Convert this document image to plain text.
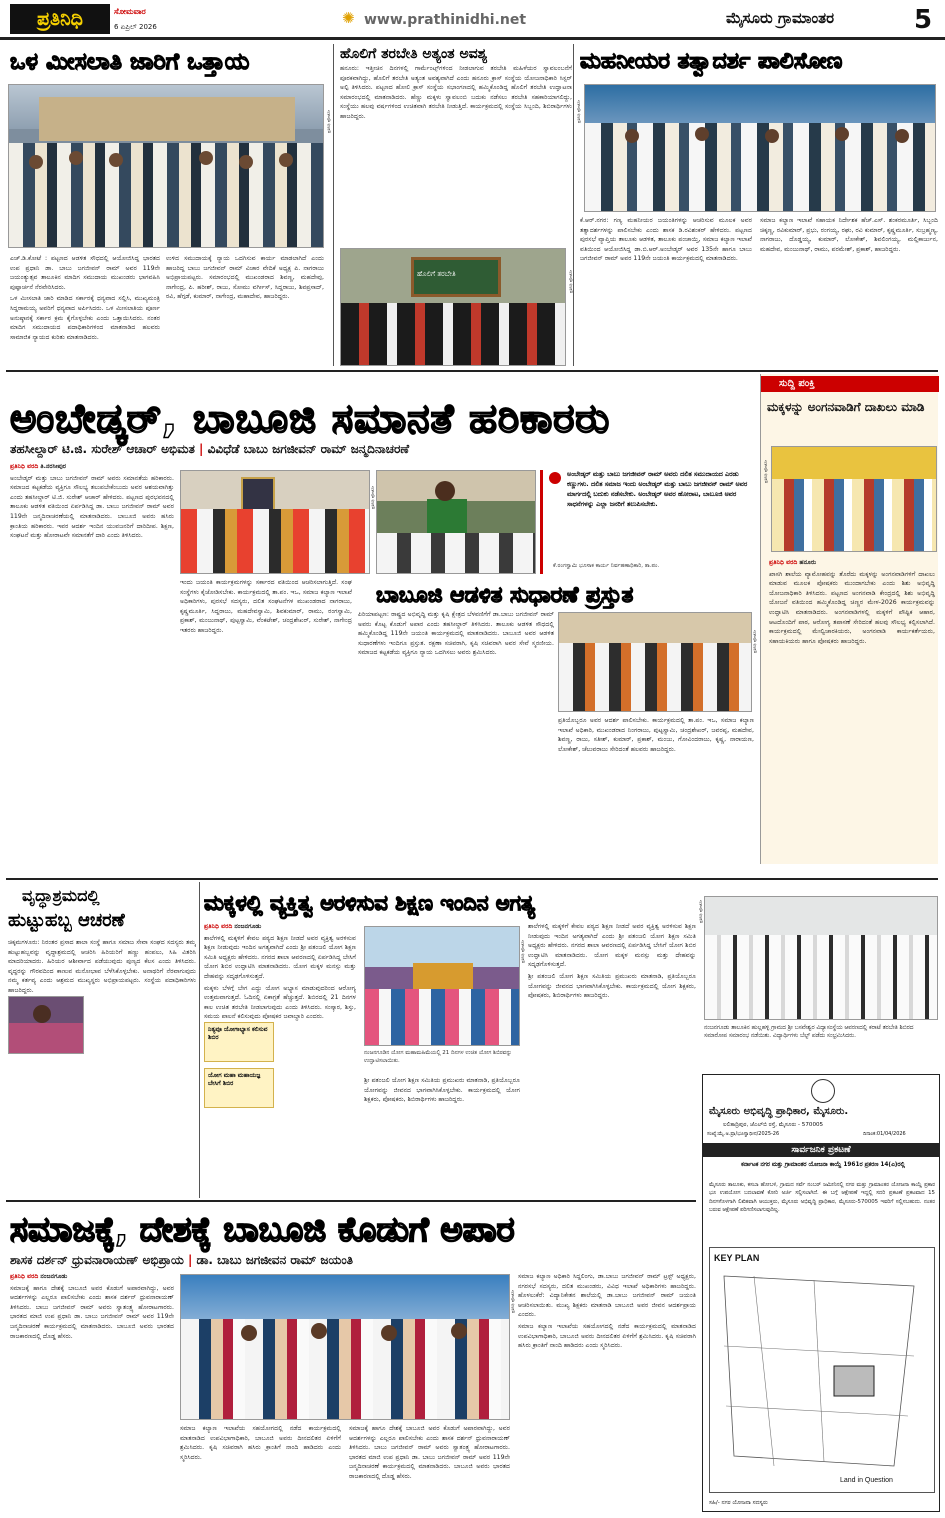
ಪ್ರತಿನಿಧಿ	ಸೋಮವಾರ
6 ಏಪ್ರಿಲ್ 2026	✺ www.prathinidhi.net	ಮೈಸೂರು ಗ್ರಾಮಾಂತರ	5
ಒಳ ಮೀಸಲಾತಿ ಜಾರಿಗೆ ಒತ್ತಾಯ
ಪ್ರತಿನಿಧಿ ಫೋಟೋ

ಎಚ್.ಡಿ.ಕೋಟೆ : ಪಟ್ಟಣದ ಆಡಳಿತ ಸೌಧದಲ್ಲಿ ಆಯೋಜಿಸಿದ್ದ ಭಾರತದ ಉಪ ಪ್ರಧಾನಿ ಡಾ. ಬಾಬು ಜಗಜೀವನ್ ರಾಮ್ ಅವರ 119ನೇ ಜಯಂತ್ಯುತ್ಸವ ತಾಲೂಕಿನ ಮಾದಿಗ ಸಮುದಾಯ ಮುಖಂಡರು ಭಾಗವಹಿಸಿ ಪುಷ್ಪಾರ್ಚನೆ ನೆರವೇರಿಸಿದರು.

ಒಳ ಮೀಸಲಾತಿ ಜಾರಿ ಮಾಡಿದ ಸರ್ಕಾರಕ್ಕೆ ಧನ್ಯವಾದ ಸಲ್ಲಿಸಿ, ಮುಖ್ಯಮಂತ್ರಿ ಸಿದ್ದರಾಮಯ್ಯ ಅವರಿಗೆ ಧನ್ಯವಾದ ಅರ್ಪಿಸಿದರು. ಒಳ ಮೀಸಲಾತಿಯ ಪೂರ್ಣ ಅನುಷ್ಠಾನಕ್ಕೆ ಸರ್ಕಾರ ಕ್ರಮ ಕೈಗೊಳ್ಳಬೇಕು ಎಂದು ಒತ್ತಾಯಿಸಿದರು. ನಂತರ ಮಾದಿಗ ಸಮುದಾಯದ ಪದಾಧಿಕಾರಿಗಳಿಂದ ಮಾತನಾಡಿದ ಹಲವರು ಸಾಮಾಜಿಕ ನ್ಯಾಯದ ಕುರಿತು ಮಾತನಾಡಿದರು.

ಉಳಿದ ಸಮುದಾಯಕ್ಕೆ ನ್ಯಾಯ ಒದಗಿಸುವ ಕಾರ್ಯ ಮಾಡಲಾಗಿದೆ ಎಂದು ಹಾಜರಿದ್ದ ಬಾಬು ಜಗಜೀವನ್ ರಾಮ್ ವಿಚಾರ ವೇದಿಕೆ ಅಧ್ಯಕ್ಷ ಪಿ. ನಾಗರಾಜು ಅಭಿಪ್ರಾಯಪಟ್ಟರು. ಸಮಾರಂಭದಲ್ಲಿ ಮುಖಂಡರಾದ ಶಿವಣ್ಣ, ಮಹದೇವು, ನಾಗೇಂದ್ರ, ಪಿ. ಹರೀಶ್, ರಾಜು, ಸೋಮು ವರ್ಗೀಸ್, ಸಿದ್ದರಾಜು, ಶಿವಪ್ರಸಾದ್, ರವಿ, ಹೆಗ್ಗಡೆ, ಕುಮಾರ್, ನಾಗೇಂದ್ರ, ಮಹಾದೇವ, ಹಾಜರಿದ್ದರು.

ಹೊಲಿಗೆ ತರಬೇತಿ ಅತ್ಯಂತ ಅವಶ್ಯ

ಹನೂರು: ಇತ್ತೀಚಿನ ದಿನಗಳಲ್ಲಿ ಗಾರ್ಮೆಂಟ್ಸ್‌ಗಳಿಂದ ನೀಡಲಾಗುವ ತರಬೇತಿ ಮಹಿಳೆಯರ ಸ್ವಾವಲಂಬನೆಗೆ ಪೂರಕವಾಗಿದ್ದು, ಹೊಲಿಗೆ ತರಬೇತಿ ಅತ್ಯಂತ ಅವಶ್ಯವಾಗಿದೆ ಎಂದು ಹನೂರು ಕ್ರಾಸ್ ಸಂಸ್ಥೆಯ ಯೋಜನಾಧಿಕಾರಿ ಸಿಸ್ಟರ್ ಅಲ್ಫಿ ತಿಳಿಸಿದರು. ಪಟ್ಟಣದ ಹೋಲಿ ಕ್ರಾಸ್ ಸಂಸ್ಥೆಯ ಸಭಾಂಗಣದಲ್ಲಿ ಹಮ್ಮಿಕೊಂಡಿದ್ದ ಹೊಲಿಗೆ ತರಬೇತಿ ಉದ್ಘಾಟನಾ ಸಮಾರಂಭದಲ್ಲಿ ಮಾತನಾಡಿದರು. ಹೆಣ್ಣು ಮಕ್ಕಳು ಸ್ವಾವಲಂಬಿ ಬದುಕು ನಡೆಸಲು ತರಬೇತಿ ಸಹಕಾರಿಯಾಗಲಿದ್ದು, ಸಂಸ್ಥೆಯು ಹಲವು ವರ್ಷಗಳಿಂದ ಉಚಿತವಾಗಿ ತರಬೇತಿ ನೀಡುತ್ತಿದೆ. ಕಾರ್ಯಕ್ರಮದಲ್ಲಿ ಸಂಸ್ಥೆಯ ಸಿಬ್ಬಂದಿ, ಶಿಬಿರಾರ್ಥಿಗಳು ಹಾಜರಿದ್ದರು.

ಹೊಲಿಗೆ ತರಬೇತಿ	ಪ್ರತಿನಿಧಿ ಫೋಟೋ
ಮಹನೀಯರ ತತ್ವಾದರ್ಶ ಪಾಲಿಸೋಣ
ಪ್ರತಿನಿಧಿ ಫೋಟೋ

ಕೆ.ಆರ್.ನಗರ: ಗಣ್ಯ ಮಹನೀಯರ ಜಯಂತಿಗಳನ್ನು ಆಚರಿಸುವ ಮೂಲಕ ಅವರ ತತ್ವಾದರ್ಶಗಳನ್ನು ಪಾಲಿಸಬೇಕು ಎಂದು ಶಾಸಕ ಡಿ.ರವಿಶಂಕರ್ ಹೇಳಿದರು. ಪಟ್ಟಣದ ಪುರಸಭೆ ವ್ಯಾಪ್ತಿಯ ತಾಲೂಕು ಆಡಳಿತ, ತಾಲೂಕು ಪಂಚಾಯ್ತಿ, ಸಮಾಜ ಕಲ್ಯಾಣ ಇಲಾಖೆ ವತಿಯಿಂದ ಆಯೋಜಿಸಿದ್ದ ಡಾ.ಬಿ.ಆರ್.ಅಂಬೇಡ್ಕರ್ ಅವರ 135ನೇ ಹಾಗೂ ಬಾಬು ಜಗಜೀವನ್ ರಾಮ್ ಅವರ 119ನೇ ಜಯಂತಿ ಕಾರ್ಯಕ್ರಮದಲ್ಲಿ ಮಾತನಾಡಿದರು.

ಸಮಾಜ ಕಲ್ಯಾಣ ಇಲಾಖೆ ಸಹಾಯಕ ನಿರ್ದೇಶಕ ಹೆಚ್.ಎಸ್. ಶಂಕರಮೂರ್ತಿ, ಸಿಬ್ಬಂದಿ ಚಿಕ್ಕಣ್ಣ, ರವಿಕುಮಾರ್, ಪ್ರಭು, ರಂಗಯ್ಯ, ರಘು, ರವಿ ಕುಮಾರ್, ಕೃಷ್ಣಮೂರ್ತಿ, ಸುಬ್ರಹ್ಮಣ್ಯ, ನಾಗರಾಜು, ದೊಡ್ಡಯ್ಯ, ಕುಮಾರ್, ಲೋಕೇಶ್, ಶಿವಲಿಂಗಯ್ಯ, ಮಲ್ಲಿಕಾರ್ಜುನ, ಮಹದೇವ, ಮಂಜುನಾಥ್, ರಾಮು, ಪರಮೇಶ್, ಪ್ರಕಾಶ್, ಹಾಜರಿದ್ದರು.

ಅಂಬೇಡ್ಕರ್, ಬಾಬೂಜಿ ಸಮಾನತೆ ಹರಿಕಾರರು
ತಹಸೀಲ್ದಾರ್ ಟಿ.ಜಿ. ಸುರೇಶ್ ಆಚಾರ್ ಅಭಿಮತ | ವಿವಿಧೆಡೆ ಬಾಬು ಜಗಜೀವನ್ ರಾಮ್ ಜನ್ಮದಿನಾಚರಣೆ

ಪ್ರತಿನಿಧಿ ವರದಿ ತಿ.ನರಸೀಪುರ

ಅಂಬೇಡ್ಕರ್ ಮತ್ತು ಬಾಬು ಜಗಜೀವನ್ ರಾಮ್ ಅವರು ಸಮಾನತೆಯ ಹರಿಕಾರರು. ಸಮಾಜದ ಕಟ್ಟಕಡೆಯ ವ್ಯಕ್ತಿಗೂ ಸೌಲಭ್ಯ ತಲುಪಬೇಕೆಂಬುದು ಅವರ ಆಶಯವಾಗಿತ್ತು ಎಂದು ತಹಸೀಲ್ದಾರ್ ಟಿ.ಜಿ. ಸುರೇಶ್ ಆಚಾರ್ ಹೇಳಿದರು. ಪಟ್ಟಣದ ಪುರಭವನದಲ್ಲಿ ತಾಲೂಕು ಆಡಳಿತ ವತಿಯಿಂದ ಏರ್ಪಡಿಸಿದ್ದ ಡಾ. ಬಾಬು ಜಗಜೀವನ್ ರಾಮ್ ಅವರ 119ನೇ ಜನ್ಮದಿನಾಚರಣೆಯಲ್ಲಿ ಮಾತನಾಡಿದರು. ಬಾಬೂಜಿ ಅವರು ಹಸಿರು ಕ್ರಾಂತಿಯ ಹರಿಕಾರರು. ಇವರ ಆದರ್ಶ ಇಂದಿನ ಯುವಜನರಿಗೆ ದಾರಿದೀಪ. ಶಿಕ್ಷಣ, ಸಂಘಟನೆ ಮತ್ತು ಹೋರಾಟವೇ ಸಮಾನತೆಗೆ ದಾರಿ ಎಂದು ತಿಳಿಸಿದರು.

ಪ್ರತಿನಿಧಿ ಫೋಟೋ
ಅಂಬೇಡ್ಕರ್ ಮತ್ತು ಬಾಬು ಜಗಜೀವನ್ ರಾಮ್ ಅವರು ದಲಿತ ಸಮುದಾಯದ ಎರಡು ಕಣ್ಣುಗಳು. ದಲಿತ ಸಮಾಜ ಇಂದು ಅಂಬೇಡ್ಕರ್ ಮತ್ತು ಬಾಬು ಜಗಜೀವನ್ ರಾಮ್ ಅವರ ಮಾರ್ಗದಲ್ಲಿ ಬದುಕು ನಡೆಸಬೇಕು. ಅಂಬೇಡ್ಕರ್ ಅವರ ಹೋರಾಟ, ಬಾಬೂಜಿ ಅವರ ಸಾಧನೆಗಳನ್ನು ಎಲ್ಲಾ ಜನರಿಗೆ ತಲುಪಿಸಬೇಕು.
ಕೆ.ರಂಗಸ್ವಾಮಿ ಭೂಸಾಕ ಕಾರ್ಯ ನಿರ್ವಹಣಾಧಿಕಾರಿ, ತಾ.ಪಂ.

ಇಂದು ಜಯಂತಿ ಕಾರ್ಯಕ್ರಮಗಳನ್ನು ಸರ್ಕಾರದ ವತಿಯಿಂದ ಆಚರಿಸಲಾಗುತ್ತಿದೆ. ಸಂಘ ಸಂಸ್ಥೆಗಳು ಕೈಜೋಡಿಸಬೇಕು. ಕಾರ್ಯಕ್ರಮದಲ್ಲಿ ತಾ.ಪಂ. ಇಒ, ಸಮಾಜ ಕಲ್ಯಾಣ ಇಲಾಖೆ ಅಧಿಕಾರಿಗಳು, ಪುರಸಭೆ ಸದಸ್ಯರು, ದಲಿತ ಸಂಘಟನೆಗಳ ಮುಖಂಡರಾದ ನಾಗರಾಜು, ಕೃಷ್ಣಮೂರ್ತಿ, ಸಿದ್ದರಾಜು, ಮಹದೇವಸ್ವಾಮಿ, ಶಿವಕುಮಾರ್, ರಾಮು, ರಂಗಸ್ವಾಮಿ, ಪ್ರಕಾಶ್, ಮಂಜುನಾಥ್, ಪುಟ್ಟಸ್ವಾಮಿ, ವೆಂಕಟೇಶ್, ಚಂದ್ರಶೇಖರ್, ಸುರೇಶ್, ನಾಗೇಂದ್ರ ಇತರರು ಹಾಜರಿದ್ದರು.

ಸುದ್ದಿ ಪಂಕ್ತಿ
ಮಕ್ಕಳನ್ನು ಅಂಗನವಾಡಿಗೆ ದಾಖಲು ಮಾಡಿ
ಪ್ರತಿನಿಧಿ ಫೋಟೋ

ಪ್ರತಿನಿಧಿ ವರದಿ ಹನೂರು

ಖಾಸಗಿ ಶಾಲೆಯ ವ್ಯಾಮೋಹವನ್ನು ತೊರೆದು ಮಕ್ಕಳನ್ನು ಅಂಗನವಾಡಿಗಳಿಗೆ ದಾಖಲು ಮಾಡುವ ಮೂಲಕ ಪೋಷಕರು ಮುಂದಾಗಬೇಕು ಎಂದು ಶಿಶು ಅಭಿವೃದ್ಧಿ ಯೋಜನಾಧಿಕಾರಿ ತಿಳಿಸಿದರು. ಪಟ್ಟಣದ ಅಂಗನವಾಡಿ ಕೇಂದ್ರದಲ್ಲಿ ಶಿಶು ಅಭಿವೃದ್ಧಿ ಯೋಜನೆ ವತಿಯಿಂದ ಹಮ್ಮಿಕೊಂಡಿದ್ದ ಚಿಣ್ಣರ ಮೇಳ-2026 ಕಾರ್ಯಕ್ರಮವನ್ನು ಉದ್ಘಾಟಿಸಿ ಮಾತನಾಡಿದರು. ಅಂಗನವಾಡಿಗಳಲ್ಲಿ ಮಕ್ಕಳಿಗೆ ಪೌಷ್ಟಿಕ ಆಹಾರ, ಆಟದೊಂದಿಗೆ ಪಾಠ, ಆರೋಗ್ಯ ತಪಾಸಣೆ ಸೇರಿದಂತೆ ಹಲವು ಸೌಲಭ್ಯ ಕಲ್ಪಿಸಲಾಗಿದೆ. ಕಾರ್ಯಕ್ರಮದಲ್ಲಿ ಮೇಲ್ವಿಚಾರಕಿಯರು, ಅಂಗನವಾಡಿ ಕಾರ್ಯಕರ್ತೆಯರು, ಸಹಾಯಕಿಯರು ಹಾಗೂ ಪೋಷಕರು ಹಾಜರಿದ್ದರು.

ಬಾಬೂಜಿ ಆಡಳಿತ ಸುಧಾರಣೆ ಪ್ರಸ್ತುತ

ಪಿರಿಯಾಪಟ್ಟಣ: ರಾಷ್ಟ್ರದ ಅಭಿವೃದ್ಧಿ ಮತ್ತು ಕೃಷಿ ಕ್ಷೇತ್ರದ ಬೆಳವಣಿಗೆಗೆ ಡಾ.ಬಾಬು ಜಗಜೀವನ್ ರಾಮ್ ಅವರು ಕೊಟ್ಟ ಕೊಡುಗೆ ಅಪಾರ ಎಂದು ತಹಸೀಲ್ದಾರ್ ತಿಳಿಸಿದರು. ತಾಲೂಕು ಆಡಳಿತ ಸೌಧದಲ್ಲಿ ಹಮ್ಮಿಕೊಂಡಿದ್ದ 119ನೇ ಜಯಂತಿ ಕಾರ್ಯಕ್ರಮದಲ್ಲಿ ಮಾತನಾಡಿದರು. ಬಾಬೂಜಿ ಅವರ ಆಡಳಿತ ಸುಧಾರಣೆಗಳು ಇಂದಿಗೂ ಪ್ರಸ್ತುತ. ರಕ್ಷಣಾ ಸಚಿವರಾಗಿ, ಕೃಷಿ ಸಚಿವರಾಗಿ ಅವರ ಸೇವೆ ಸ್ಮರಣೀಯ. ಸಮಾಜದ ಕಟ್ಟಕಡೆಯ ವ್ಯಕ್ತಿಗೂ ನ್ಯಾಯ ಒದಗಿಸಲು ಅವರು ಶ್ರಮಿಸಿದರು.	ಪ್ರತಿನಿಧಿ ಫೋಟೋ

ಪ್ರತಿಯೊಬ್ಬರೂ ಅವರ ಆದರ್ಶ ಪಾಲಿಸಬೇಕು. ಕಾರ್ಯಕ್ರಮದಲ್ಲಿ ತಾ.ಪಂ. ಇಒ, ಸಮಾಜ ಕಲ್ಯಾಣ ಇಲಾಖೆ ಅಧಿಕಾರಿ, ಮುಖಂಡರಾದ ನಿಂಗರಾಜು, ಪುಟ್ಟಸ್ವಾಮಿ, ಚಂದ್ರಶೇಖರ್, ಜವರಪ್ಪ, ಮಹದೇವ, ಶಿವಣ್ಣ, ರಾಜು, ಸತೀಶ್, ಕುಮಾರ್, ಪ್ರಕಾಶ್, ಮಂಜು, ಗೋವಿಂದರಾಜು, ಕೃಷ್ಣ, ನಾರಾಯಣ, ಲೋಕೇಶ್, ಚೆಲುವರಾಜು ಸೇರಿದಂತೆ ಹಲವರು ಹಾಜರಿದ್ದರು.

ವೃದ್ಧಾಶ್ರಮದಲ್ಲಿ
ಹುಟ್ಟುಹಬ್ಬ ಆಚರಣೆ

ಚಿಕ್ಕಮಗಳೂರು: ನಿರಂತರ ಪ್ರಸಾದ ಶಾಲಾ ಸಂಸ್ಥೆ ಹಾಗೂ ಸಮಾಜ ಸೇವಾ ಸಂಘದ ಸದಸ್ಯರು ತಮ್ಮ ಹುಟ್ಟುಹಬ್ಬವನ್ನು ವೃದ್ಧಾಶ್ರಮದಲ್ಲಿ ಆಚರಿಸಿ ಹಿರಿಯರಿಗೆ ಹಣ್ಣು ಹಂಪಲು, ಸಿಹಿ ವಿತರಿಸಿ ಮಾದರಿಯಾದರು. ಹಿರಿಯರ ಆಶೀರ್ವಾದ ಪಡೆಯುವುದು ಪುಣ್ಯದ ಕೆಲಸ ಎಂದು ತಿಳಿಸಿದರು. ವೃದ್ಧರನ್ನು ಗೌರವದಿಂದ ಕಾಣುವ ಮನೋಭಾವ ಬೆಳೆಸಿಕೊಳ್ಳಬೇಕು. ಅನಾಥರಿಗೆ ನೆರವಾಗುವುದು ನಮ್ಮ ಕರ್ತವ್ಯ ಎಂದು ಆಶ್ರಮದ ಮುಖ್ಯಸ್ಥರು ಅಭಿಪ್ರಾಯಪಟ್ಟರು. ಸಂಸ್ಥೆಯ ಪದಾಧಿಕಾರಿಗಳು ಹಾಜರಿದ್ದರು.

ಮಕ್ಕಳಲ್ಲಿ ವ್ಯಕ್ತಿತ್ವ ಅರಳಿಸುವ ಶಿಕ್ಷಣ ಇಂದಿನ ಅಗತ್ಯ

ಪ್ರತಿನಿಧಿ ವರದಿ ನಂಜನಗೂಡು

ಶಾಲೆಗಳಲ್ಲಿ ಮಕ್ಕಳಿಗೆ ಕೇವಲ ಪಠ್ಯದ ಶಿಕ್ಷಣ ನೀಡದೆ ಅವರ ವ್ಯಕ್ತಿತ್ವ ಅರಳಿಸುವ ಶಿಕ್ಷಣ ನೀಡುವುದು ಇಂದಿನ ಅಗತ್ಯವಾಗಿದೆ ಎಂದು ಶ್ರೀ ಪತಂಜಲಿ ಯೋಗ ಶಿಕ್ಷಣ ಸಮಿತಿ ಅಧ್ಯಕ್ಷರು ಹೇಳಿದರು. ನಗರದ ಶಾಲಾ ಆವರಣದಲ್ಲಿ ಏರ್ಪಡಿಸಿದ್ದ ಬೇಸಿಗೆ ಯೋಗ ಶಿಬಿರ ಉದ್ಘಾಟಿಸಿ ಮಾತನಾಡಿದರು. ಯೋಗ ಮಕ್ಕಳ ಮನಸ್ಸು ಮತ್ತು ದೇಹವನ್ನು ಸದೃಢಗೊಳಿಸುತ್ತದೆ.

ಮಕ್ಕಳು ಬೆಳಗ್ಗೆ ಬೇಗ ಎದ್ದು ಯೋಗ ಅಭ್ಯಾಸ ಮಾಡುವುದರಿಂದ ಆರೋಗ್ಯ ಉತ್ತಮವಾಗುತ್ತದೆ. ಓದಿನಲ್ಲಿ ಏಕಾಗ್ರತೆ ಹೆಚ್ಚುತ್ತದೆ. ಶಿಬಿರದಲ್ಲಿ 21 ದಿನಗಳ ಕಾಲ ಉಚಿತ ತರಬೇತಿ ನೀಡಲಾಗುವುದು ಎಂದು ತಿಳಿಸಿದರು. ಸಂಸ್ಕಾರ, ಶಿಸ್ತು, ಸಮಯ ಪಾಲನೆ ಕಲಿಸುವುದು ಪೋಷಕರ ಜವಾಬ್ದಾರಿ ಎಂದರು.

ನಿತ್ಯವೂ ಯೋಗಾಭ್ಯಾಸ ಕಲಿಸುವ ಶಿಬಿರ
ಯೋಗ ಮಹಾ ಮಹಾಯಜ್ಞ ಬೇಸಿಗೆ ಶಿಬಿರ
ಪ್ರತಿನಿಧಿ ಫೋಟೋ
ನಂಜನಗೂಡಿನ ಯೋಗ ಮಹಾಮಹಿಮೆಯಲ್ಲಿ 21 ದಿನಗಳ ಉಚಿತ ಯೋಗ ಶಿಬಿರವನ್ನು ಉದ್ಘಾಟಿಸಲಾಯಿತು.

ಶ್ರೀ ಪತಂಜಲಿ ಯೋಗ ಶಿಕ್ಷಣ ಸಮಿತಿಯ ಪ್ರಮುಖರು ಮಾತನಾಡಿ, ಪ್ರತಿಯೊಬ್ಬರೂ ಯೋಗವನ್ನು ಜೀವನದ ಭಾಗವಾಗಿಸಿಕೊಳ್ಳಬೇಕು. ಕಾರ್ಯಕ್ರಮದಲ್ಲಿ ಯೋಗ ಶಿಕ್ಷಕರು, ಪೋಷಕರು, ಶಿಬಿರಾರ್ಥಿಗಳು ಹಾಜರಿದ್ದರು.

ಶಾಲೆಗಳಲ್ಲಿ ಮಕ್ಕಳಿಗೆ ಕೇವಲ ಪಠ್ಯದ ಶಿಕ್ಷಣ ನೀಡದೆ ಅವರ ವ್ಯಕ್ತಿತ್ವ ಅರಳಿಸುವ ಶಿಕ್ಷಣ ನೀಡುವುದು ಇಂದಿನ ಅಗತ್ಯವಾಗಿದೆ ಎಂದು ಶ್ರೀ ಪತಂಜಲಿ ಯೋಗ ಶಿಕ್ಷಣ ಸಮಿತಿ ಅಧ್ಯಕ್ಷರು ಹೇಳಿದರು. ನಗರದ ಶಾಲಾ ಆವರಣದಲ್ಲಿ ಏರ್ಪಡಿಸಿದ್ದ ಬೇಸಿಗೆ ಯೋಗ ಶಿಬಿರ ಉದ್ಘಾಟಿಸಿ ಮಾತನಾಡಿದರು. ಯೋಗ ಮಕ್ಕಳ ಮನಸ್ಸು ಮತ್ತು ದೇಹವನ್ನು ಸದೃಢಗೊಳಿಸುತ್ತದೆ.

ಶ್ರೀ ಪತಂಜಲಿ ಯೋಗ ಶಿಕ್ಷಣ ಸಮಿತಿಯ ಪ್ರಮುಖರು ಮಾತನಾಡಿ, ಪ್ರತಿಯೊಬ್ಬರೂ ಯೋಗವನ್ನು ಜೀವನದ ಭಾಗವಾಗಿಸಿಕೊಳ್ಳಬೇಕು. ಕಾರ್ಯಕ್ರಮದಲ್ಲಿ ಯೋಗ ಶಿಕ್ಷಕರು, ಪೋಷಕರು, ಶಿಬಿರಾರ್ಥಿಗಳು ಹಾಜರಿದ್ದರು.

ಪ್ರತಿನಿಧಿ ಫೋಟೋ
ನಂಜನಗೂಡು ತಾಲೂಕಿನ ಹುಲ್ಲಹಳ್ಳಿ ಗ್ರಾಮದ ಶ್ರೀ ಬಸವೇಶ್ವರ ವಿದ್ಯಾಸಂಸ್ಥೆಯ ಆವರಣದಲ್ಲಿ ಕರಾಟೆ ತರಬೇತಿ ಶಿಬಿರದ ಸಮಾರೋಪ ಸಮಾರಂಭ ನಡೆಯಿತು. ವಿದ್ಯಾರ್ಥಿಗಳು ಬೆಲ್ಟ್ ಪಡೆದು ಸಂಭ್ರಮಿಸಿದರು.
ಮೈಸೂರು ಅಭಿವೃದ್ಧಿ ಪ್ರಾಧಿಕಾರ, ಮೈಸೂರು.
ಲಲಿತಾದ್ರಿಪುರ, ಜೆಎಲ್‌ಬಿ ರಸ್ತೆ, ಮೈಸೂರು - 570005
ಸಂಖ್ಯೆ:ಮೈ.ಅ.ಪ್ರಾ/ಭೂಸ್ವಾಧೀನ/2025-26	ದಿನಾಂಕ:01/04/2026
ಸಾರ್ವಜನಿಕ ಪ್ರಕಟಣೆ
ಕರ್ನಾಟಕ ನಗರ ಮತ್ತು ಗ್ರಾಮಾಂತರ ಯೋಜನಾ ಕಾಯ್ದೆ 1961ರ ಪ್ರಕರಣ 14(ಎ)ರಲ್ಲಿ

ಮೈಸೂರು ತಾಲೂಕು, ಕಸಬಾ ಹೋಬಳಿ, ಗ್ರಾಮದ ಸರ್ವೆ ನಂಬರ್ ಜಮೀನಿನಲ್ಲಿ ನಗರ ಮತ್ತು ಗ್ರಾಮಾಂತರ ಯೋಜನಾ ಕಾಯ್ದೆ ಪ್ರಕಾರ ಭೂ ಉಪಯೋಗ ಬದಲಾವಣೆ ಕೋರಿ ಅರ್ಜಿ ಸಲ್ಲಿಸಲಾಗಿದೆ. ಈ ಬಗ್ಗೆ ಆಕ್ಷೇಪಣೆ ಇದ್ದಲ್ಲಿ ಸದರಿ ಪ್ರಕಟಣೆ ಪ್ರಕಟವಾದ 15 ದಿನಗಳೊಳಗಾಗಿ ಲಿಖಿತವಾಗಿ ಆಯುಕ್ತರು, ಮೈಸೂರು ಅಭಿವೃದ್ಧಿ ಪ್ರಾಧಿಕಾರ, ಮೈಸೂರು-570005 ಇವರಿಗೆ ಸಲ್ಲಿಸಬಹುದು. ನಂತರ ಬರುವ ಆಕ್ಷೇಪಣೆ ಪರಿಗಣಿಸಲಾಗುವುದಿಲ್ಲ.

KEY PLAN
Land in Question
ಸಹಿ/- ನಗರ ಯೋಜನಾ ಸದಸ್ಯರು
ಸಮಾಜಕ್ಕೆ, ದೇಶಕ್ಕೆ ಬಾಬೂಜಿ ಕೊಡುಗೆ ಅಪಾರ
ಶಾಸಕ ದರ್ಶನ್ ಧ್ರುವನಾರಾಯಣ್ ಅಭಿಪ್ರಾಯ | ಡಾ. ಬಾಬು ಜಗಜೀವನ ರಾಮ್ ಜಯಂತಿ

ಪ್ರತಿನಿಧಿ ವರದಿ ನಂಜನಗೂಡು

ಸಮಾಜಕ್ಕೆ ಹಾಗೂ ದೇಶಕ್ಕೆ ಬಾಬೂಜಿ ಅವರ ಕೊಡುಗೆ ಅಪಾರವಾಗಿದ್ದು, ಅವರ ಆದರ್ಶಗಳನ್ನು ಎಲ್ಲರೂ ಪಾಲಿಸಬೇಕು ಎಂದು ಶಾಸಕ ದರ್ಶನ್ ಧ್ರುವನಾರಾಯಣ್ ತಿಳಿಸಿದರು. ಬಾಬು ಜಗಜೀವನ್ ರಾಮ್ ಅವರು ಸ್ವಾತಂತ್ರ್ಯ ಹೋರಾಟಗಾರರು. ಭಾರತದ ಮಾಜಿ ಉಪ ಪ್ರಧಾನಿ ಡಾ. ಬಾಬು ಜಗಜೀವನ್ ರಾಮ್ ಅವರ 119ನೇ ಜನ್ಮದಿನಾಚರಣೆ ಕಾರ್ಯಕ್ರಮದಲ್ಲಿ ಮಾತನಾಡಿದರು. ಬಾಬೂಜಿ ಅವರು ಭಾರತದ ರಾಜಕಾರಣದಲ್ಲಿ ದೊಡ್ಡ ಹೆಸರು.

ಪ್ರತಿನಿಧಿ ಫೋಟೋ

ಸಮಾಜ ಕಲ್ಯಾಣ ಇಲಾಖೆಯ ಸಹಯೋಗದಲ್ಲಿ ನಡೆದ ಕಾರ್ಯಕ್ರಮದಲ್ಲಿ ಮಾತನಾಡಿದ ಉಪವಿಭಾಗಾಧಿಕಾರಿ, ಬಾಬೂಜಿ ಅವರು ದೀನದಲಿತರ ಏಳಿಗೆಗೆ ಶ್ರಮಿಸಿದರು. ಕೃಷಿ ಸಚಿವರಾಗಿ ಹಸಿರು ಕ್ರಾಂತಿಗೆ ನಾಂದಿ ಹಾಡಿದರು ಎಂದು ಸ್ಮರಿಸಿದರು.

ಸಮಾಜಕ್ಕೆ ಹಾಗೂ ದೇಶಕ್ಕೆ ಬಾಬೂಜಿ ಅವರ ಕೊಡುಗೆ ಅಪಾರವಾಗಿದ್ದು, ಅವರ ಆದರ್ಶಗಳನ್ನು ಎಲ್ಲರೂ ಪಾಲಿಸಬೇಕು ಎಂದು ಶಾಸಕ ದರ್ಶನ್ ಧ್ರುವನಾರಾಯಣ್ ತಿಳಿಸಿದರು. ಬಾಬು ಜಗಜೀವನ್ ರಾಮ್ ಅವರು ಸ್ವಾತಂತ್ರ್ಯ ಹೋರಾಟಗಾರರು. ಭಾರತದ ಮಾಜಿ ಉಪ ಪ್ರಧಾನಿ ಡಾ. ಬಾಬು ಜಗಜೀವನ್ ರಾಮ್ ಅವರ 119ನೇ ಜನ್ಮದಿನಾಚರಣೆ ಕಾರ್ಯಕ್ರಮದಲ್ಲಿ ಮಾತನಾಡಿದರು. ಬಾಬೂಜಿ ಅವರು ಭಾರತದ ರಾಜಕಾರಣದಲ್ಲಿ ದೊಡ್ಡ ಹೆಸರು.

ಸಮಾಜ ಕಲ್ಯಾಣ ಅಧಿಕಾರಿ ಸಿದ್ದಲಿಂಗು, ಡಾ.ಬಾಬು ಜಗಜೀವನ್ ರಾಮ್ ಟ್ರಸ್ಟ್ ಅಧ್ಯಕ್ಷರು, ನಗರಸಭೆ ಸದಸ್ಯರು, ದಲಿತ ಮುಖಂಡರು, ವಿವಿಧ ಇಲಾಖೆ ಅಧಿಕಾರಿಗಳು ಹಾಜರಿದ್ದರು. ಹೊಳಲುಕೆರೆ: ವಿದ್ಯಾನಿಕೇತನ ಶಾಲೆಯಲ್ಲಿ ಡಾ.ಬಾಬು ಜಗಜೀವನ್ ರಾಮ್ ಜಯಂತಿ ಆಚರಿಸಲಾಯಿತು. ಮುಖ್ಯ ಶಿಕ್ಷಕರು ಮಾತನಾಡಿ ಬಾಬೂಜಿ ಅವರ ಜೀವನ ಆದರ್ಶಪ್ರಾಯ ಎಂದರು.

ಸಮಾಜ ಕಲ್ಯಾಣ ಇಲಾಖೆಯ ಸಹಯೋಗದಲ್ಲಿ ನಡೆದ ಕಾರ್ಯಕ್ರಮದಲ್ಲಿ ಮಾತನಾಡಿದ ಉಪವಿಭಾಗಾಧಿಕಾರಿ, ಬಾಬೂಜಿ ಅವರು ದೀನದಲಿತರ ಏಳಿಗೆಗೆ ಶ್ರಮಿಸಿದರು. ಕೃಷಿ ಸಚಿವರಾಗಿ ಹಸಿರು ಕ್ರಾಂತಿಗೆ ನಾಂದಿ ಹಾಡಿದರು ಎಂದು ಸ್ಮರಿಸಿದರು.
